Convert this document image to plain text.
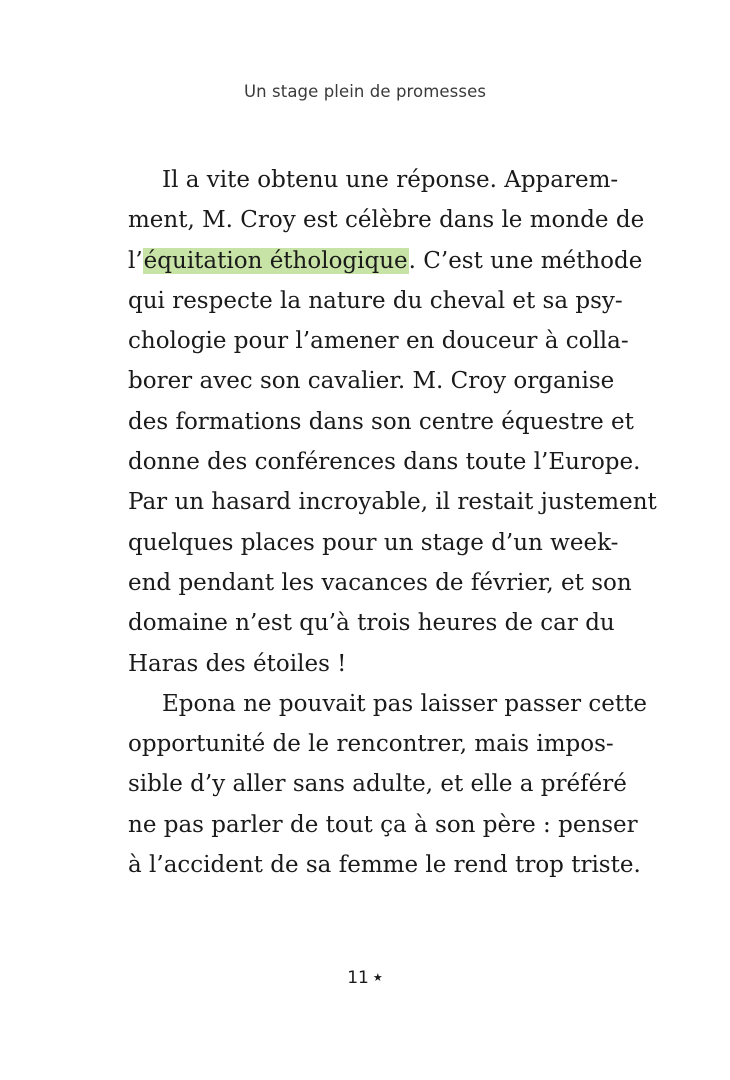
Un stage plein de promesses
Il a vite obtenu une réponse. Apparem-
ment, M. Croy est célèbre dans le monde de
l’équitation éthologique. C’est une méthode
qui respecte la nature du cheval et sa psy-
chologie pour l’amener en douceur à colla-
borer avec son cavalier. M. Croy organise
des formations dans son centre équestre et
donne des conférences dans toute l’Europe.
Par un hasard incroyable, il restait justement
quelques places pour un stage d’un week-
end pendant les vacances de février, et son
domaine n’est qu’à trois heures de car du
Haras des étoiles !
Epona ne pouvait pas laisser passer cette
opportunité de le rencontrer, mais impos-
sible d’y aller sans adulte, et elle a préféré
ne pas parler de tout ça à son père : penser
à l’accident de sa femme le rend trop triste.
11 ★
